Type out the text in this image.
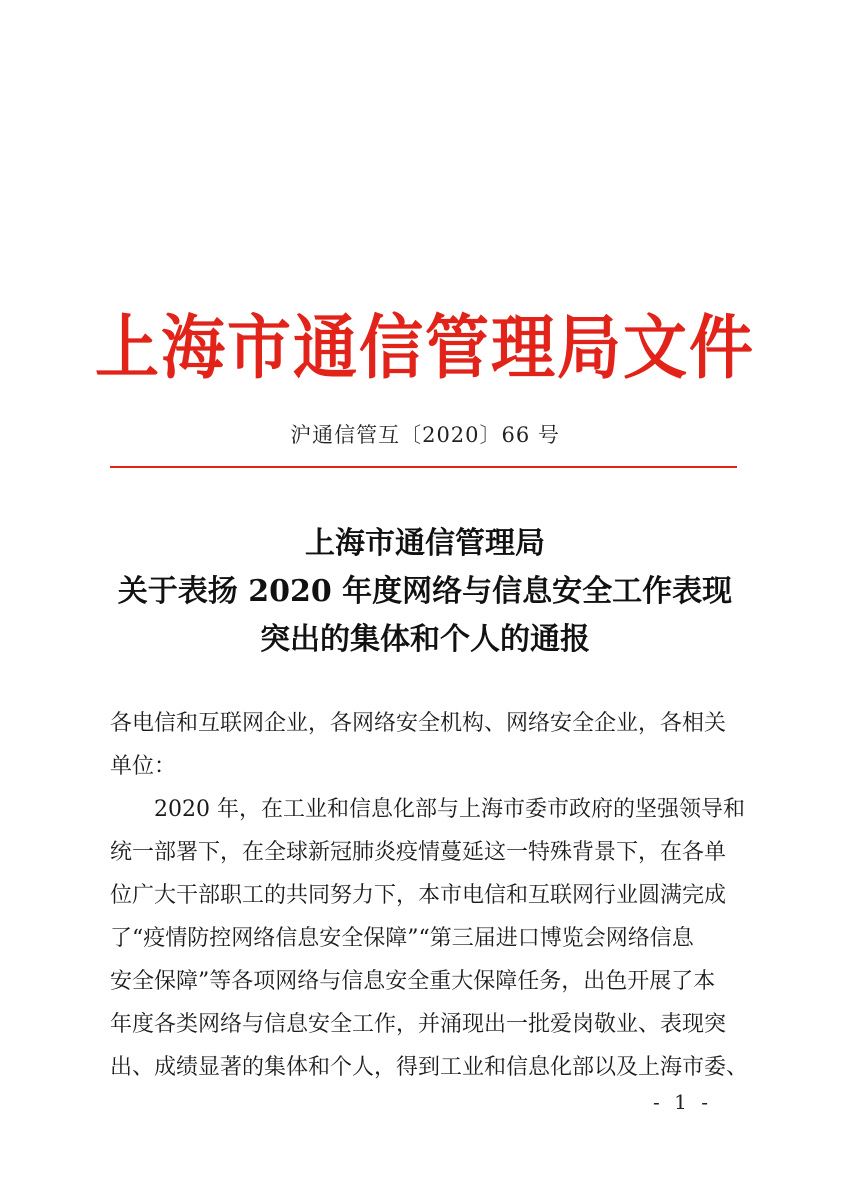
上海市通信管理局文件
沪通信管互〔2020〕66 号
上海市通信管理局
关于表扬 2020 年度网络与信息安全工作表现
突出的集体和个人的通报
各电信和互联网企业，各网络安全机构、网络安全企业，各相关
单位：
2020 年，在工业和信息化部与上海市委市政府的坚强领导和
统一部署下，在全球新冠肺炎疫情蔓延这一特殊背景下，在各单
位广大干部职工的共同努力下，本市电信和互联网行业圆满完成
了“疫情防控网络信息安全保障”“第三届进口博览会网络信息
安全保障”等各项网络与信息安全重大保障任务，出色开展了本
年度各类网络与信息安全工作，并涌现出一批爱岗敬业、表现突
出、成绩显著的集体和个人，得到工业和信息化部以及上海市委、
- 1 -
